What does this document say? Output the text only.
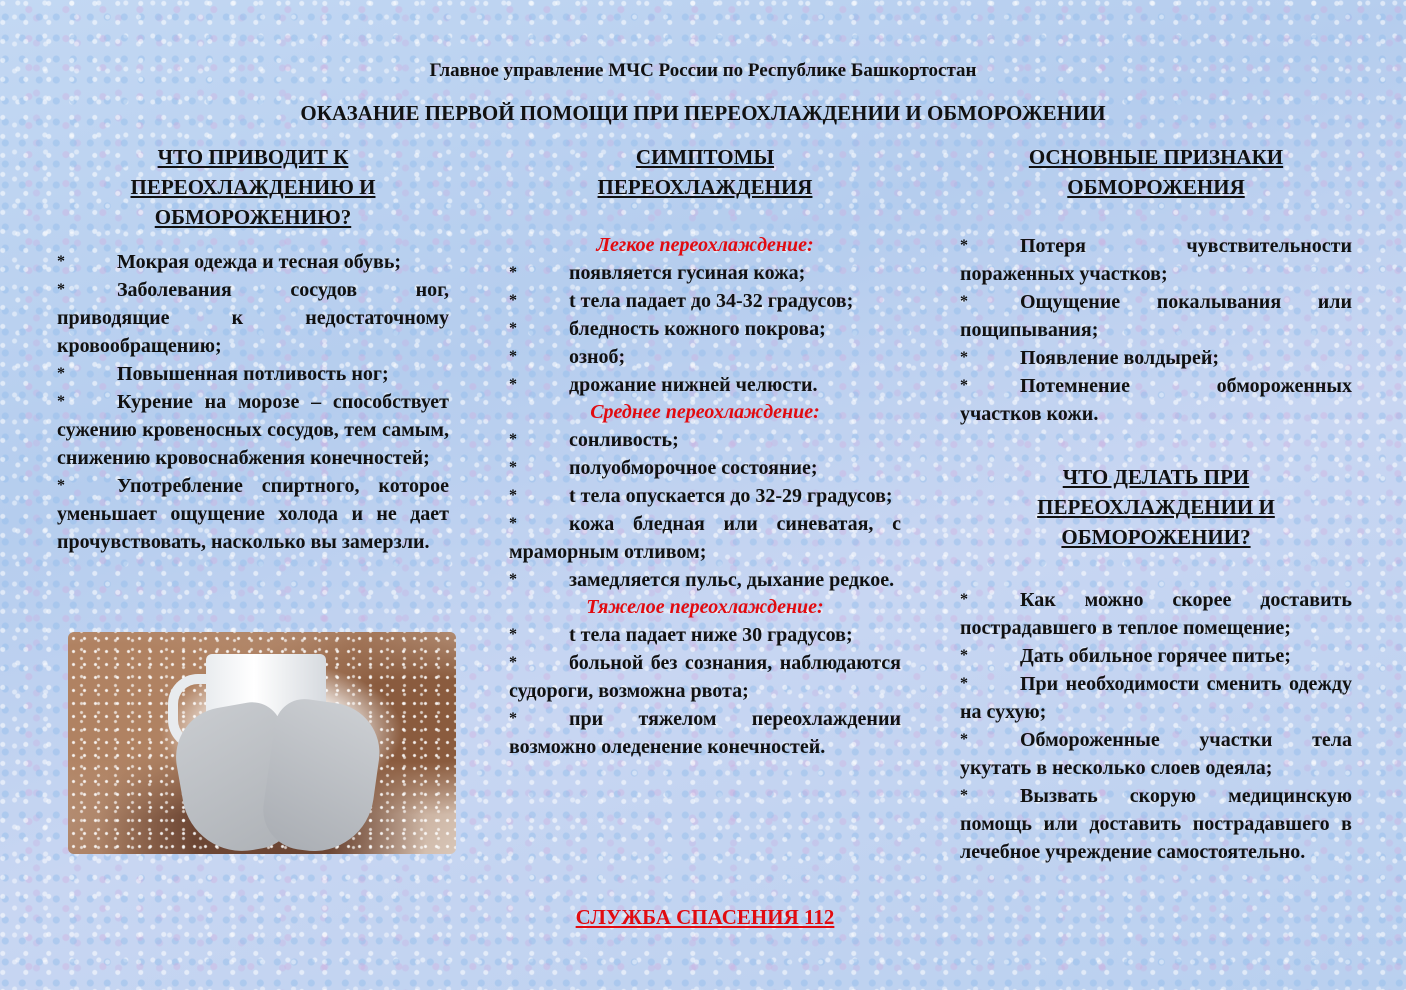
Главное управление МЧС России по Республике Башкортостан
ОКАЗАНИЕ ПЕРВОЙ ПОМОЩИ ПРИ ПЕРЕОХЛАЖДЕНИИ И ОБМОРОЖЕНИИ
ЧТО ПРИВОДИТ К ПЕРЕОХЛАЖДЕНИЮ И ОБМОРОЖЕНИЮ?
*	Мокрая одежда и тесная обувь;
*	Заболевания сосудов ног, приводящие к недостаточному кровообращению;
*	Повышенная потливость ног;
*	Курение на морозе – способствует сужению кровеносных сосудов, тем самым, снижению кровоснабжения конечностей;
*	Употребление спиртного, которое уменьшает ощущение холода и не дает прочувствовать, насколько вы замерзли.
СИМПТОМЫ ПЕРЕОХЛАЖДЕНИЯ
Легкое переохлаждение:
*	появляется гусиная кожа;
*	t тела падает до 34-32 градусов;
*	бледность кожного покрова;
*	озноб;
*	дрожание нижней челюсти.
Среднее переохлаждение:
*	сонливость;
*	полуобморочное состояние;
*	t тела опускается до 32-29 градусов;
*	кожа бледная или синеватая, с мраморным отливом;
*	замедляется пульс, дыхание редкое.
Тяжелое переохлаждение:
*	t тела падает ниже 30 градусов;
*	больной без сознания, наблюдаются судороги, возможна рвота;
*	при тяжелом переохлаждении возможно оледенение конечностей.
ОСНОВНЫЕ ПРИЗНАКИ ОБМОРОЖЕНИЯ
*	Потеря чувствительности пораженных участков;
*	Ощущение покалывания или пощипывания;
*	Появление волдырей;
*	Потемнение обмороженных участков кожи.
ЧТО ДЕЛАТЬ ПРИ ПЕРЕОХЛАЖДЕНИИ И ОБМОРОЖЕНИИ?
*	Как можно скорее доставить пострадавшего в теплое помещение;
*	Дать обильное горячее питье;
*	При необходимости сменить одежду на сухую;
*	Обмороженные участки тела укутать в несколько слоев одеяла;
*	Вызвать скорую медицинскую помощь или доставить пострадавшего в лечебное учреждение самостоятельно.
СЛУЖБА СПАСЕНИЯ 112
